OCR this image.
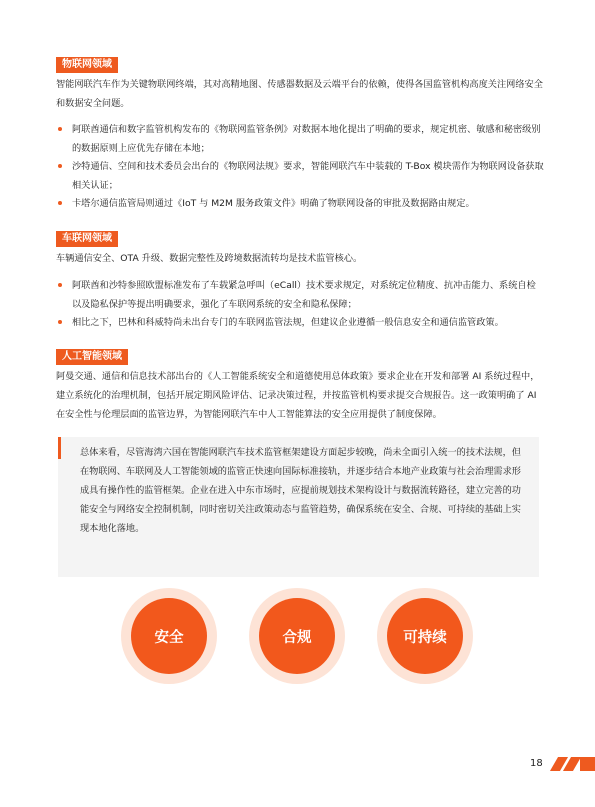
物联网领域

智能网联汽车作为关键物联网终端，其对高精地图、传感器数据及云端平台的依赖，使得各国监管机构高度关注网络安全和数据安全问题。

阿联酋通信和数字监管机构发布的《物联网监管条例》对数据本地化提出了明确的要求，规定机密、敏感和秘密级别的数据原则上应优先存储在本地；
沙特通信、空间和技术委员会出台的《物联网法规》要求，智能网联汽车中装载的 T-Box 模块需作为物联网设备获取相关认证；
卡塔尔通信监管局则通过《IoT 与 M2M 服务政策文件》明确了物联网设备的审批及数据路由规定。
车联网领域

车辆通信安全、OTA 升级、数据完整性及跨境数据流转均是技术监管核心。

阿联酋和沙特参照欧盟标准发布了车载紧急呼叫（eCall）技术要求规定，对系统定位精度、抗冲击能力、系统自检以及隐私保护等提出明确要求，强化了车联网系统的安全和隐私保障；
相比之下，巴林和科威特尚未出台专门的车联网监管法规，但建议企业遵循一般信息安全和通信监管政策。
人工智能领域

阿曼交通、通信和信息技术部出台的《人工智能系统安全和道德使用总体政策》要求企业在开发和部署 AI 系统过程中，建立系统化的治理机制，包括开展定期风险评估、记录决策过程，并按监管机构要求提交合规报告。这一政策明确了 AI 在安全性与伦理层面的监管边界，为智能网联汽车中人工智能算法的安全应用提供了制度保障。

总体来看，尽管海湾六国在智能网联汽车技术监管框架建设方面起步较晚，尚未全面引入统一的技术法规，但在物联网、车联网及人工智能领域的监管正快速向国际标准接轨，并逐步结合本地产业政策与社会治理需求形成具有操作性的监管框架。企业在进入中东市场时，应提前规划技术架构设计与数据流转路径，建立完善的功能安全与网络安全控制机制，同时密切关注政策动态与监管趋势，确保系统在安全、合规、可持续的基础上实现本地化落地。
安全	合规	可持续
18
